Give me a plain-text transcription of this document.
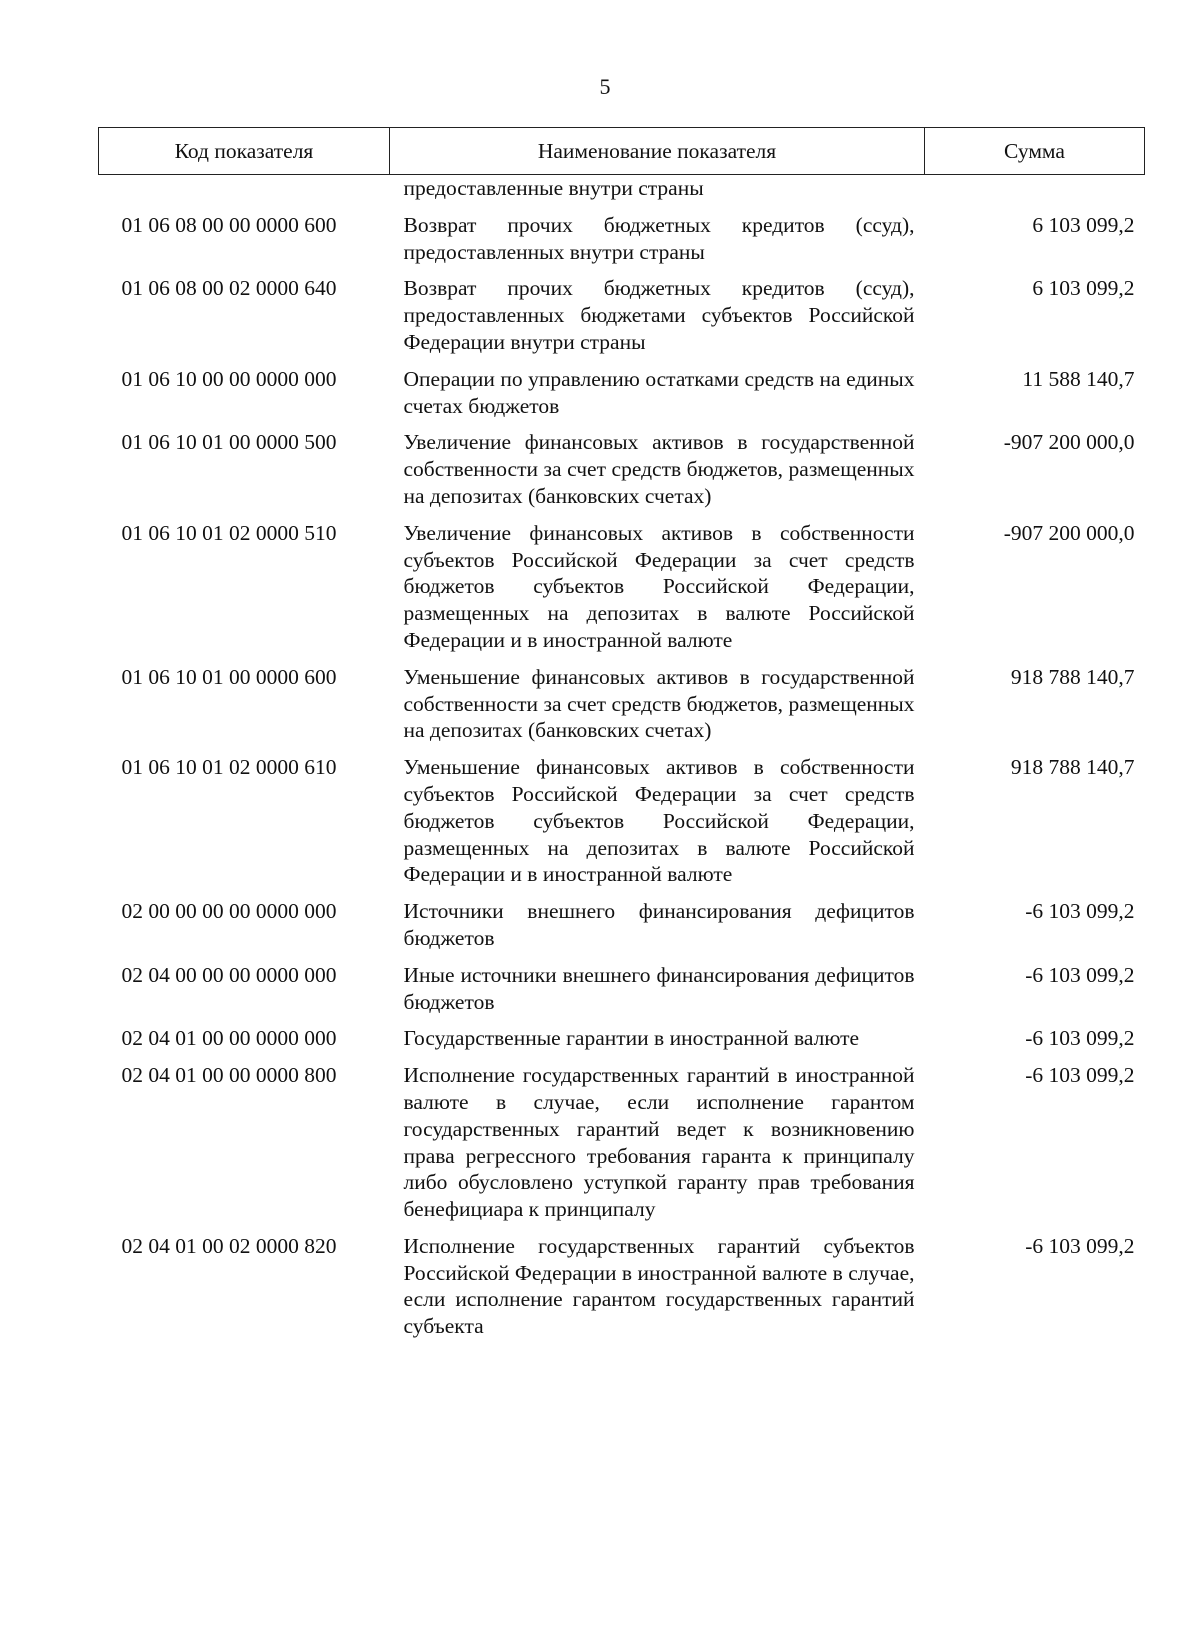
5
Код показателя	Наименование показателя	Сумма
	предоставленные внутри страны	
01 06 08 00 00 0000 600	Возврат прочих бюджетных кредитов (ссуд), предоставленных внутри страны	6 103 099,2
01 06 08 00 02 0000 640	Возврат прочих бюджетных кредитов (ссуд), предоставленных бюджетами субъектов Российской Федерации внутри страны	6 103 099,2
01 06 10 00 00 0000 000	Операции по управлению остатками средств на единых счетах бюджетов	11 588 140,7
01 06 10 01 00 0000 500	Увеличение финансовых активов в государственной собственности за счет средств бюджетов, размещенных на депозитах (банковских счетах)	-907 200 000,0
01 06 10 01 02 0000 510	Увеличение финансовых активов в собственности субъектов Российской Федерации за счет средств бюджетов субъектов Российской Федерации, размещенных на депозитах в валюте Российской Федерации и в иностранной валюте	-907 200 000,0
01 06 10 01 00 0000 600	Уменьшение финансовых активов в государственной собственности за счет средств бюджетов, размещенных на депозитах (банковских счетах)	918 788 140,7
01 06 10 01 02 0000 610	Уменьшение финансовых активов в собственности субъектов Российской Федерации за счет средств бюджетов субъектов Российской Федерации, размещенных на депозитах в валюте Российской Федерации и в иностранной валюте	918 788 140,7
02 00 00 00 00 0000 000	Источники внешнего финансирования дефицитов бюджетов	-6 103 099,2
02 04 00 00 00 0000 000	Иные источники внешнего финансирования дефицитов бюджетов	-6 103 099,2
02 04 01 00 00 0000 000	Государственные гарантии в иностранной валюте	-6 103 099,2
02 04 01 00 00 0000 800	Исполнение государственных гарантий в иностранной валюте в случае, если исполнение гарантом государственных гарантий ведет к возникновению права регрессного требования гаранта к принципалу либо обусловлено уступкой гаранту прав требования бенефициара к принципалу	-6 103 099,2
02 04 01 00 02 0000 820	Исполнение государственных гарантий субъектов Российской Федерации в иностранной валюте в случае, если исполнение гарантом государственных гарантий субъекта	-6 103 099,2
